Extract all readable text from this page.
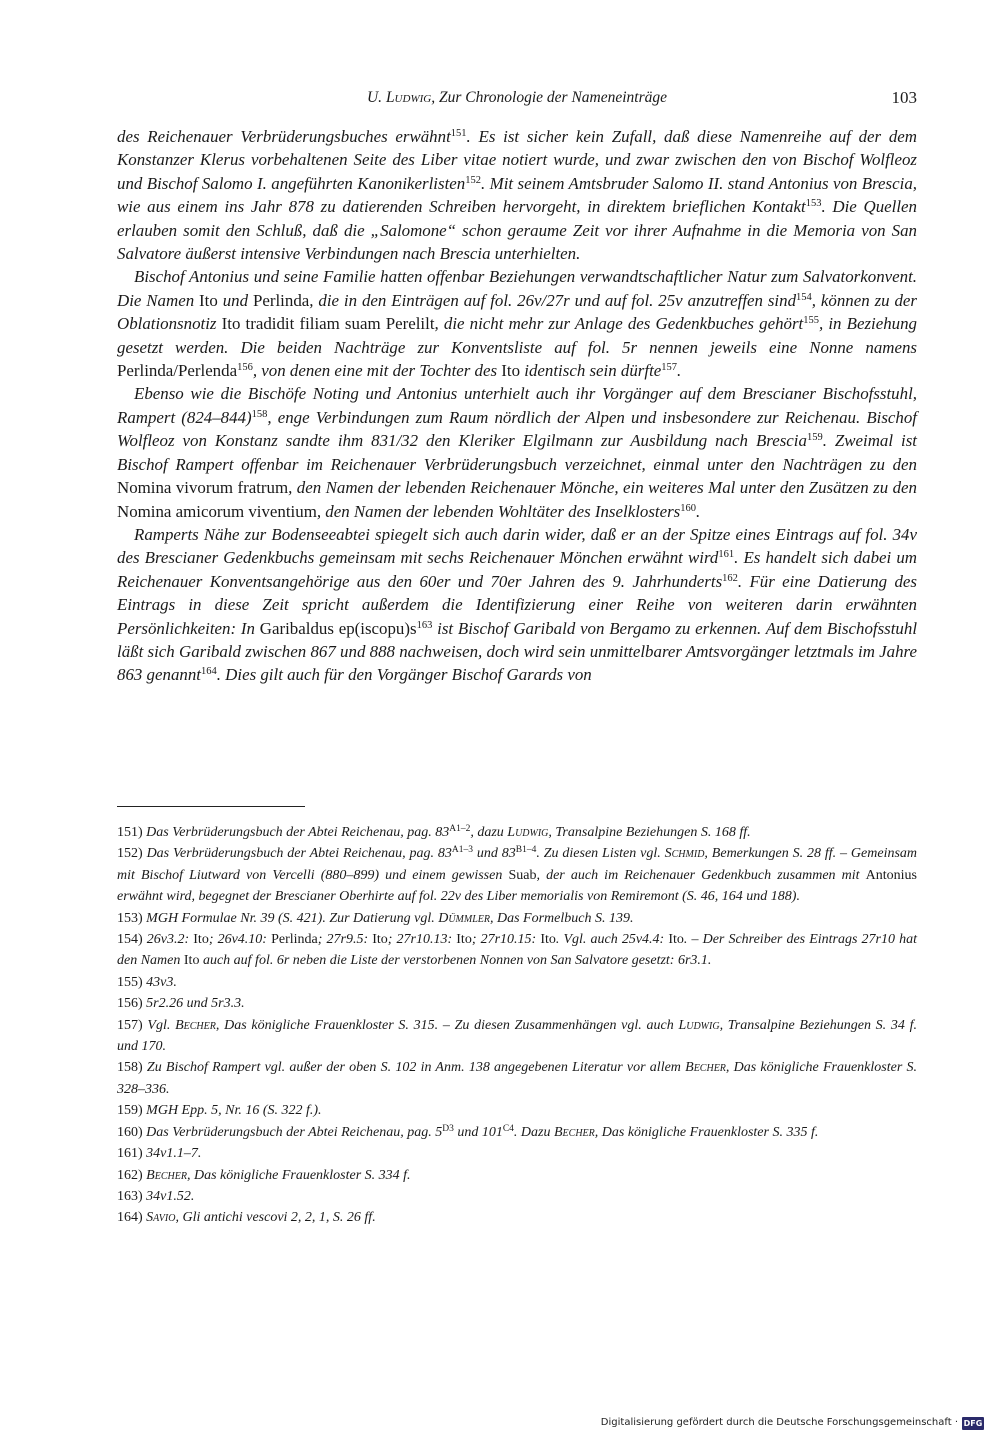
U. Ludwig, Zur Chronologie der Nameneinträge	103

des Reichenauer Verbrüderungsbuches erwähnt$^{151}$. Es ist sicher kein Zufall, daß diese Namenreihe auf der dem Konstanzer Klerus vorbehaltenen Seite des Liber vitae notiert wurde, und zwar zwischen den von Bischof Wolfleoz und Bischof Salomo I. angeführten Kanonikerlisten$^{152}$. Mit seinem Amtsbruder Salomo II. stand Antonius von Brescia, wie aus einem ins Jahr 878 zu datierenden Schreiben hervorgeht, in direktem brieflichen Kontakt$^{153}$. Die Quellen erlauben somit den Schluß, daß die „Salomone“ schon geraume Zeit vor ihrer Aufnahme in die Memoria von San Salvatore äußerst intensive Verbindungen nach Brescia unterhielten.

Bischof Antonius und seine Familie hatten offenbar Beziehungen verwandtschaftlicher Natur zum Salvatorkonvent. Die Namen Ito und Perlinda, die in den Einträgen auf fol. 26v/27r und auf fol. 25v anzutreffen sind$^{154}$, können zu der Oblationsnotiz Ito tradidit filiam suam Perelilt, die nicht mehr zur Anlage des Gedenkbuches gehört$^{155}$, in Beziehung gesetzt werden. Die beiden Nachträge zur Konventsliste auf fol. 5r nennen jeweils eine Nonne namens Perlinda/Perlenda$^{156}$, von denen eine mit der Tochter des Ito identisch sein dürfte$^{157}$.

Ebenso wie die Bischöfe Noting und Antonius unterhielt auch ihr Vorgänger auf dem Brescianer Bischofsstuhl, Rampert $(824-844)^{158}$, enge Verbindungen zum Raum nördlich der Alpen und insbesondere zur Reichenau. Bischof Wolfleoz von Konstanz sandte ihm 831/32 den Kleriker Elgilmann zur Ausbildung nach Brescia$^{159}$. Zweimal ist Bischof Rampert offenbar im Reichenauer Verbrüderungsbuch verzeichnet, einmal unter den Nachträgen zu den Nomina vivorum fratrum, den Namen der lebenden Reichenauer Mönche, ein weiteres Mal unter den Zusätzen zu den Nomina amicorum viventium, den Namen der lebenden Wohltäter des Inselklosters$^{160}$.

Ramperts Nähe zur Bodenseeabtei spiegelt sich auch darin wider, daß er an der Spitze eines Eintrags auf fol. 34v des Brescianer Gedenkbuchs gemeinsam mit sechs Reichenauer Mönchen erwähnt wird$^{161}$. Es handelt sich dabei um Reichenauer Konventsangehörige aus den 60er und 70er Jahren des 9. Jahrhunderts$^{162}$. Für eine Datierung des Eintrags in diese Zeit spricht außerdem die Identifizierung einer Reihe von weiteren darin erwähnten Persönlichkeiten: In Garibaldus $ep(iscopu)s^{163}$ ist Bischof Garibald von Bergamo zu erkennen. Auf dem Bischofsstuhl läßt sich Garibald zwischen 867 und 888 nachweisen, doch wird sein unmittelbarer Amtsvorgänger letztmals im Jahre 863 genannt$^{164}$. Dies gilt auch für den Vorgänger Bischof Garards von

151) Das Verbrüderungsbuch der Abtei Reichenau, pag. $83^{A1-2}$, dazu Ludwig, Transalpine Beziehungen S. 168 ff.

152) Das Verbrüderungsbuch der Abtei Reichenau, pag. $83^{A1-3}$ und $83^{B1-4}$. Zu diesen Listen vgl. Schmid, Bemerkungen S. 28 ff. – Gemeinsam mit Bischof Liutward von Vercelli (880–899) und einem gewissen Suab, der auch im Reichenauer Gedenkbuch zusammen mit Antonius erwähnt wird, begegnet der Brescianer Oberhirte auf fol. 22v des Liber memorialis von Remiremont (S. 46, 164 und 188).

153) MGH Formulae Nr. 39 (S. 421). Zur Datierung vgl. Dümmler, Das Formelbuch S. 139.

154) 26v3.2: Ito; 26v4.10: Perlinda; 27r9.5: Ito; 27r10.13: Ito; 27r10.15: Ito. Vgl. auch 25v4.4: Ito. – Der Schreiber des Eintrags 27r10 hat den Namen Ito auch auf fol. 6r neben die Liste der verstorbenen Nonnen von San Salvatore gesetzt: 6r3.1.

155) 43v3.

156) 5r2.26 und 5r3.3.

157) Vgl. Becher, Das königliche Frauenkloster S. 315. – Zu diesen Zusammenhängen vgl. auch Ludwig, Transalpine Beziehungen S. 34 f. und 170.

158) Zu Bischof Rampert vgl. außer der oben S. 102 in Anm. 138 angegebenen Literatur vor allem Becher, Das königliche Frauenkloster S. 328–336.

159) MGH Epp. 5, Nr. 16 (S. 322 f.).

160) Das Verbrüderungsbuch der Abtei Reichenau, pag. $5^{D3}$ und $101^{C4}$. Dazu Becher, Das königliche Frauenkloster S. 335 f.

161) 34v1.1–7.

162) Becher, Das königliche Frauenkloster S. 334 f.

163) 34v1.52.

164) Savio, Gli antichi vescovi 2, 2, 1, S. 26 ff.

Digitalisierung gefördert durch die Deutsche Forschungsgemeinschaft · DFG
